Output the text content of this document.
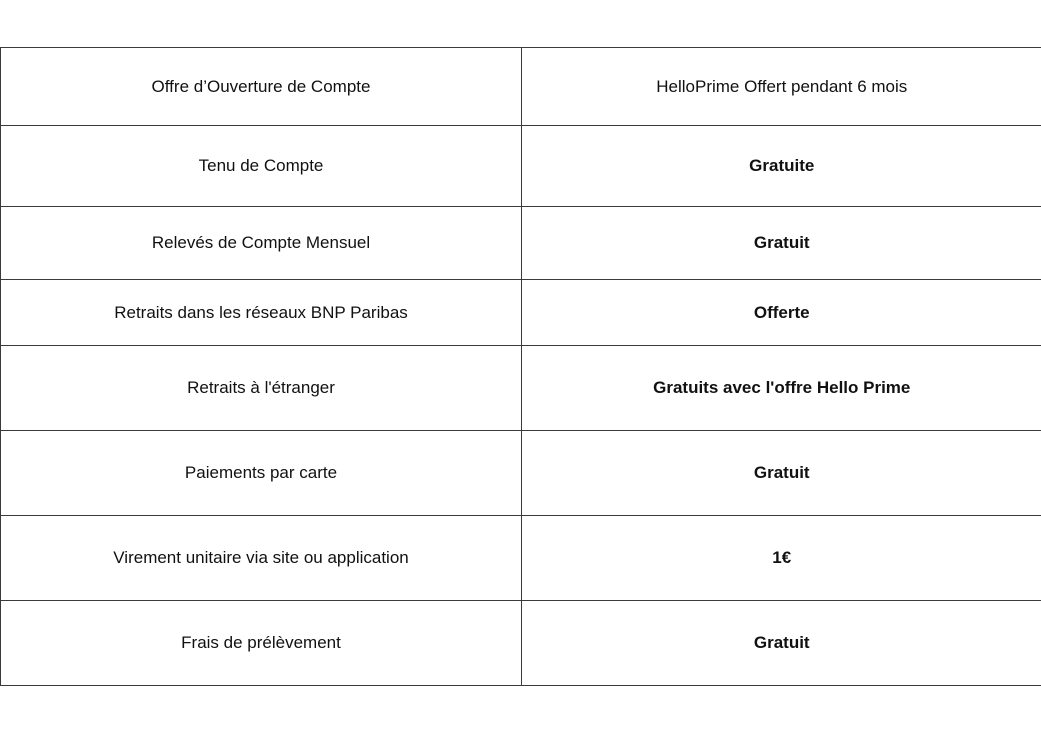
Offre d’Ouverture de Compte	HelloPrime Offert pendant 6 mois
Tenu de Compte	Gratuite
Relevés de Compte Mensuel	Gratuit
Retraits dans les réseaux BNP Paribas	Offerte
Retraits à l'étranger	Gratuits avec l'offre Hello Prime
Paiements par carte	Gratuit
Virement unitaire via site ou application	1€
Frais de prélèvement	Gratuit
